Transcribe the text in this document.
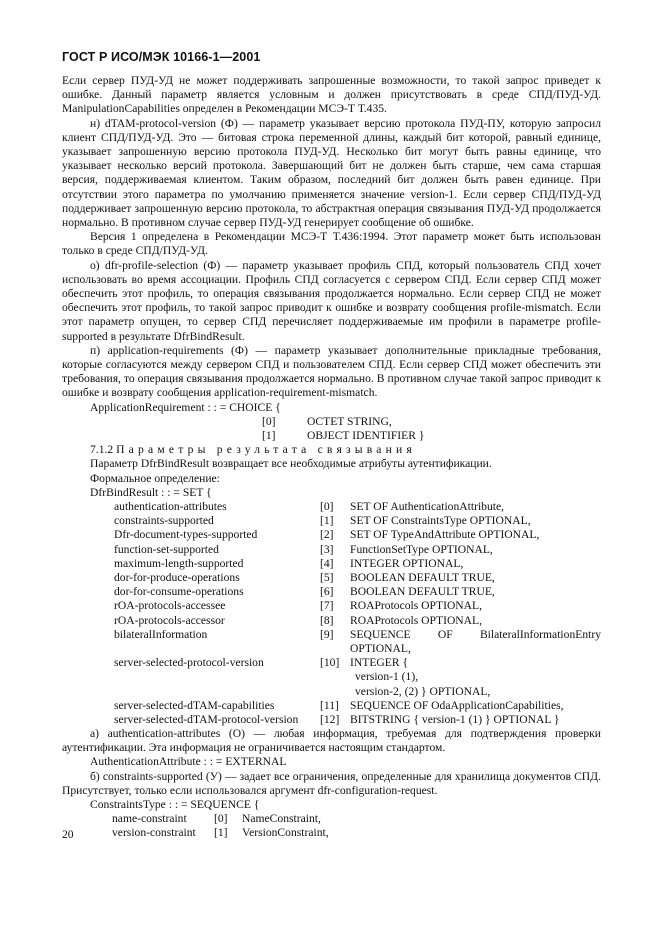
ГОСТ Р ИСО/МЭК 10166-1—2001

Если сервер ПУД-УД не может поддерживать запрошенные возможности, то такой запрос приведет к ошибке. Данный параметр является условным и должен присутствовать в среде СПД/ПУД-УД. ManipulationCapabilities определен в Рекомендации МСЭ-Т Т.435.

н) dTAM-protocol-version (Ф) — параметр указывает версию протокола ПУД-ПУ, которую запросил клиент СПД/ПУД-УД. Это — битовая строка переменной длины, каждый бит которой, равный единице, указывает запрошенную версию протокола ПУД-УД. Несколько бит могут быть равны единице, что указывает несколько версий протокола. Завершающий бит не должен быть старше, чем сама старшая версия, поддерживаемая клиентом. Таким образом, последний бит должен быть равен единице. При отсутствии этого параметра по умолчанию применяется значение version-1. Если сервер СПД/ПУД-УД поддерживает запрошенную версию протокола, то абстрактная операция связывания ПУД-УД продолжается нормально. В противном случае сервер ПУД-УД генерирует сообщение об ошибке.

Версия 1 определена в Рекомендации МСЭ-Т Т.436:1994. Этот параметр может быть использован только в среде СПД/ПУД-УД.

о) dfr-profile-selection (Ф) — параметр указывает профиль СПД, который пользователь СПД хочет использовать во время ассоциации. Профиль СПД согласуется с сервером СПД. Если сервер СПД может обеспечить этот профиль, то операция связывания продолжается нормально. Если сервер СПД не может обеспечить этот профиль, то такой запрос приводит к ошибке и возврату сообщения profile-mismatch. Если этот параметр опущен, то сервер СПД перечисляет поддерживаемые им профили в параметре profile-supported в результате DfrBindResult.

п) application-requirements (Ф) — параметр указывает дополнительные прикладные требования, которые согласуются между сервером СПД и пользователем СПД. Если сервер СПД может обеспечить эти требования, то операция связывания продолжается нормально. В противном случае такой запрос приводит к ошибке и возврату сообщения application-requirement-mismatch.

ApplicationRequirement : : = CHOICE {
[0]	OCTET STRING,
[1]	OBJECT IDENTIFIER }
7.1.2 Параметры результата связывания
Параметр DfrBindResult возвращает все необходимые атрибуты аутентификации.
Формальное определение:
DfrBindResult : : = SET {
authentication-attributes	[0] SET OF AuthenticationAttribute,
constraints-supported	[1] SET OF ConstraintsType OPTIONAL,
Dfr-document-types-supported	[2] SET OF TypeAndAttribute OPTIONAL,
function-set-supported	[3] FunctionSetType OPTIONAL,
maximum-length-supported	[4] INTEGER OPTIONAL,
dor-for-produce-operations	[5] BOOLEAN DEFAULT TRUE,
dor-for-consume-operations	[6] BOOLEAN DEFAULT TRUE,
rOA-protocols-accessee	[7] ROAProtocols OPTIONAL,
rOA-protocols-accessor	[8] ROAProtocols OPTIONAL,
bilateralInformation	[9] SEQUENCE OF BilateralInformationEntry
OPTIONAL,
server-selected-protocol-version	[10] INTEGER {
version-1 (1),
version-2, (2) } OPTIONAL,
server-selected-dTAM-capabilities	[11] SEQUENCE OF OdaApplicationCapabilities,
server-selected-dTAM-protocol-version [12] BITSTRING { version-1 (1) } OPTIONAL }

а) authentication-attributes (О) — любая информация, требуемая для подтверждения проверки аутентификации. Эта информация не ограничивается настоящим стандартом.

AuthenticationAttribute : : = EXTERNAL

б) constraints-supported (У) — задает все ограничения, определенные для хранилища документов СПД. Присутствует, только если использовался аргумент dfr-configuration-request.

ConstraintsType : : = SEQUENCE {
name-constraint [0] NameConstraint,
version-constraint [1] VersionConstraint,
20
